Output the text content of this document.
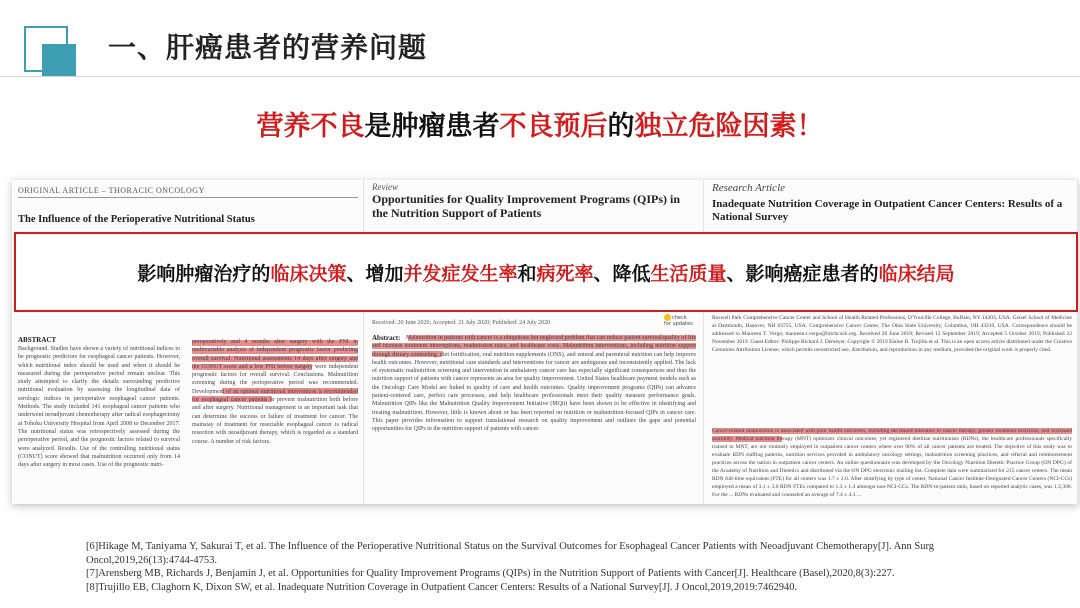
一、肝癌患者的营养问题
营养不良是肿瘤患者不良预后的独立危险因素！
ORIGINAL ARTICLE – THORACIC ONCOLOGY
The Influence of the Perioperative Nutritional Status
ABSTRACT
Background. Studies have shown a variety of nutritional indices to be prognostic predictors for esophageal cancer patients. However, which nutritional index should be used and when it should be measured during the perioperative period remain unclear. This study attempted to clarify the details surrounding predictive nutritional evaluation by assessing the longitudinal data of serologic indices in perioperative esophageal cancer patients. Methods. The study included 141 esophageal cancer patients who underwent neoadjuvant chemotherapy after radical esophagectomy at Tohoku University Hospital from April 2008 to December 2017. The nutritional status was retrospectively assessed during the perioperative period, and the prognostic factors related to survival were analyzed. Results. Use of the controlling nutritional status (CONUT) score showed that malnutrition occurred only from 14 days after surgery in most cases. Use of the prognostic nutri-
preoperatively and 4 months after surgery with the PNI in multivariable analysis of independent prognostic factor predicting overall survival. Nutritional assessments 14 days after surgery and the CONUT score and a low PNI before surgery were independent prognostic factors for overall survival. Conclusions. Malnutrition screening during the perioperative period was recommended. Development of an optimal nutritional intervention is recommended for esophageal cancer patients to prevent malnutrition both before and after surgery. Nutritional management is an important task that can determine the success or failure of treatment for cancer. The mainstay of treatment for resectable esophageal cancer is radical resection with neoadjuvant therapy, which is regarded as a standard course. A number of risk factors.
Review
Opportunities for Quality Improvement Programs (QIPs) in the Nutrition Support of Patients
Received: 20 June 2020; Accepted: 21 July 2020; Published: 24 July 2020
check for updates
Abstract: Malnutrition in patients with cancer is a ubiquitous but neglected problem that can reduce patient survival/quality of life and increase treatment interruptions, readmission rates, and healthcare costs. Malnutrition interventions, including nutrition support through dietary counseling, diet fortification, oral nutrition supplements (ONS), and enteral and parenteral nutrition can help improve health outcomes. However, nutritional care standards and interventions for cancer are ambiguous and inconsistently applied. The lack of systematic malnutrition screening and intervention in ambulatory cancer care has especially significant consequences and thus the nutrition support of patients with cancer represents an area for quality improvement. United States healthcare payment models such as the Oncology Care Model are linked to quality of care and health outcomes. Quality improvement programs (QIPs) can advance patient-centered care, perfect care processes, and help healthcare professionals meet their quality measure performance goals. Malnutrition QIPs like the Malnutrition Quality Improvement Initiative (MQii) have been shown to be effective in identifying and treating malnutrition. However, little is known about or has been reported on nutrition or malnutrition-focused QIPs in cancer care. This paper provides information to support translational research on quality improvement and outlines the gaps and potential opportunities for QIPs in the nutrition support of patients with cancer.
Research Article
Inadequate Nutrition Coverage in Outpatient Cancer Centers: Results of a National Survey
Roswell Park Comprehensive Cancer Center and School of Health Related Professions, D'Youville College, Buffalo, NY 14203, USA. Geisel School of Medicine at Dartmouth, Hanover, NH 03755, USA. Comprehensive Cancer Center, The Ohio State University, Columbus, OH 43210, USA. Correspondence should be addressed to Maureen T. Vergo; maureen.t.vergo@hitchcock.org. Received 26 June 2019; Revised 12 September 2019; Accepted 5 October 2019; Published 22 November 2019. Guest Editor: Philippe Richard J. Demeyer. Copyright © 2019 Elaine B. Trujillo et al. This is an open access article distributed under the Creative Commons Attribution License, which permits unrestricted use, distribution, and reproduction in any medium, provided the original work is properly cited.
Cancer-related malnutrition is associated with poor health outcomes, including decreased tolerance to cancer therapy, greater treatment toxicities, and increased mortality. Medical nutrition therapy (MNT) optimizes clinical outcomes, yet registered dietitian nutritionists (RDNs), the healthcare professionals specifically trained in MNT, are not routinely employed in outpatient cancer centers where over 90% of all cancer patients are treated. The objective of this study was to evaluate RDN staffing patterns, nutrition services provided in ambulatory oncology settings, malnutrition screening practices, and referral and reimbursement practices across the nation in outpatient cancer centers. An online questionnaire was developed by the Oncology Nutrition Dietetic Practice Group (ON DPG) of the Academy of Nutrition and Dietetics and distributed via the ON DPG electronic mailing list. Complete data were summarized for 215 cancer centers. The mean RDN full-time equivalent (FTE) for all centers was 1.7 ± 2.0. After stratifying by type of center, National Cancer Institute-Designated Cancer Centers (NCI-CCs) employed a mean of 3.1 ± 3.0 RDN FTEs compared to 1.3 ± 1.4 amongst non-NCI-CCs. The RDN-to-patient ratio, based on reported analytic cases, was 1:2,308. For the ... RDNs evaluated and counseled an average of 7.4 ± 4.3 ...
影响肿瘤治疗的 临床决策 、增加 并发症发生率 和 病死率 、降低 生活质量 、影响癌症患者的 临床结局
[6]Hikage M, Taniyama Y, Sakurai T, et al. The Influence of the Perioperative Nutritional Status on the Survival Outcomes for Esophageal Cancer Patients with Neoadjuvant Chemotherapy[J]. Ann Surg Oncol,2019,26(13):4744-4753.
[7]Arensberg MB, Richards J, Benjamin J, et al. Opportunities for Quality Improvement Programs (QIPs) in the Nutrition Support of Patients with Cancer[J]. Healthcare (Basel),2020,8(3):227.
[8]Trujillo EB, Claghorn K, Dixon SW, et al. Inadequate Nutrition Coverage in Outpatient Cancer Centers: Results of a National Survey[J]. J Oncol,2019,2019:7462940.
